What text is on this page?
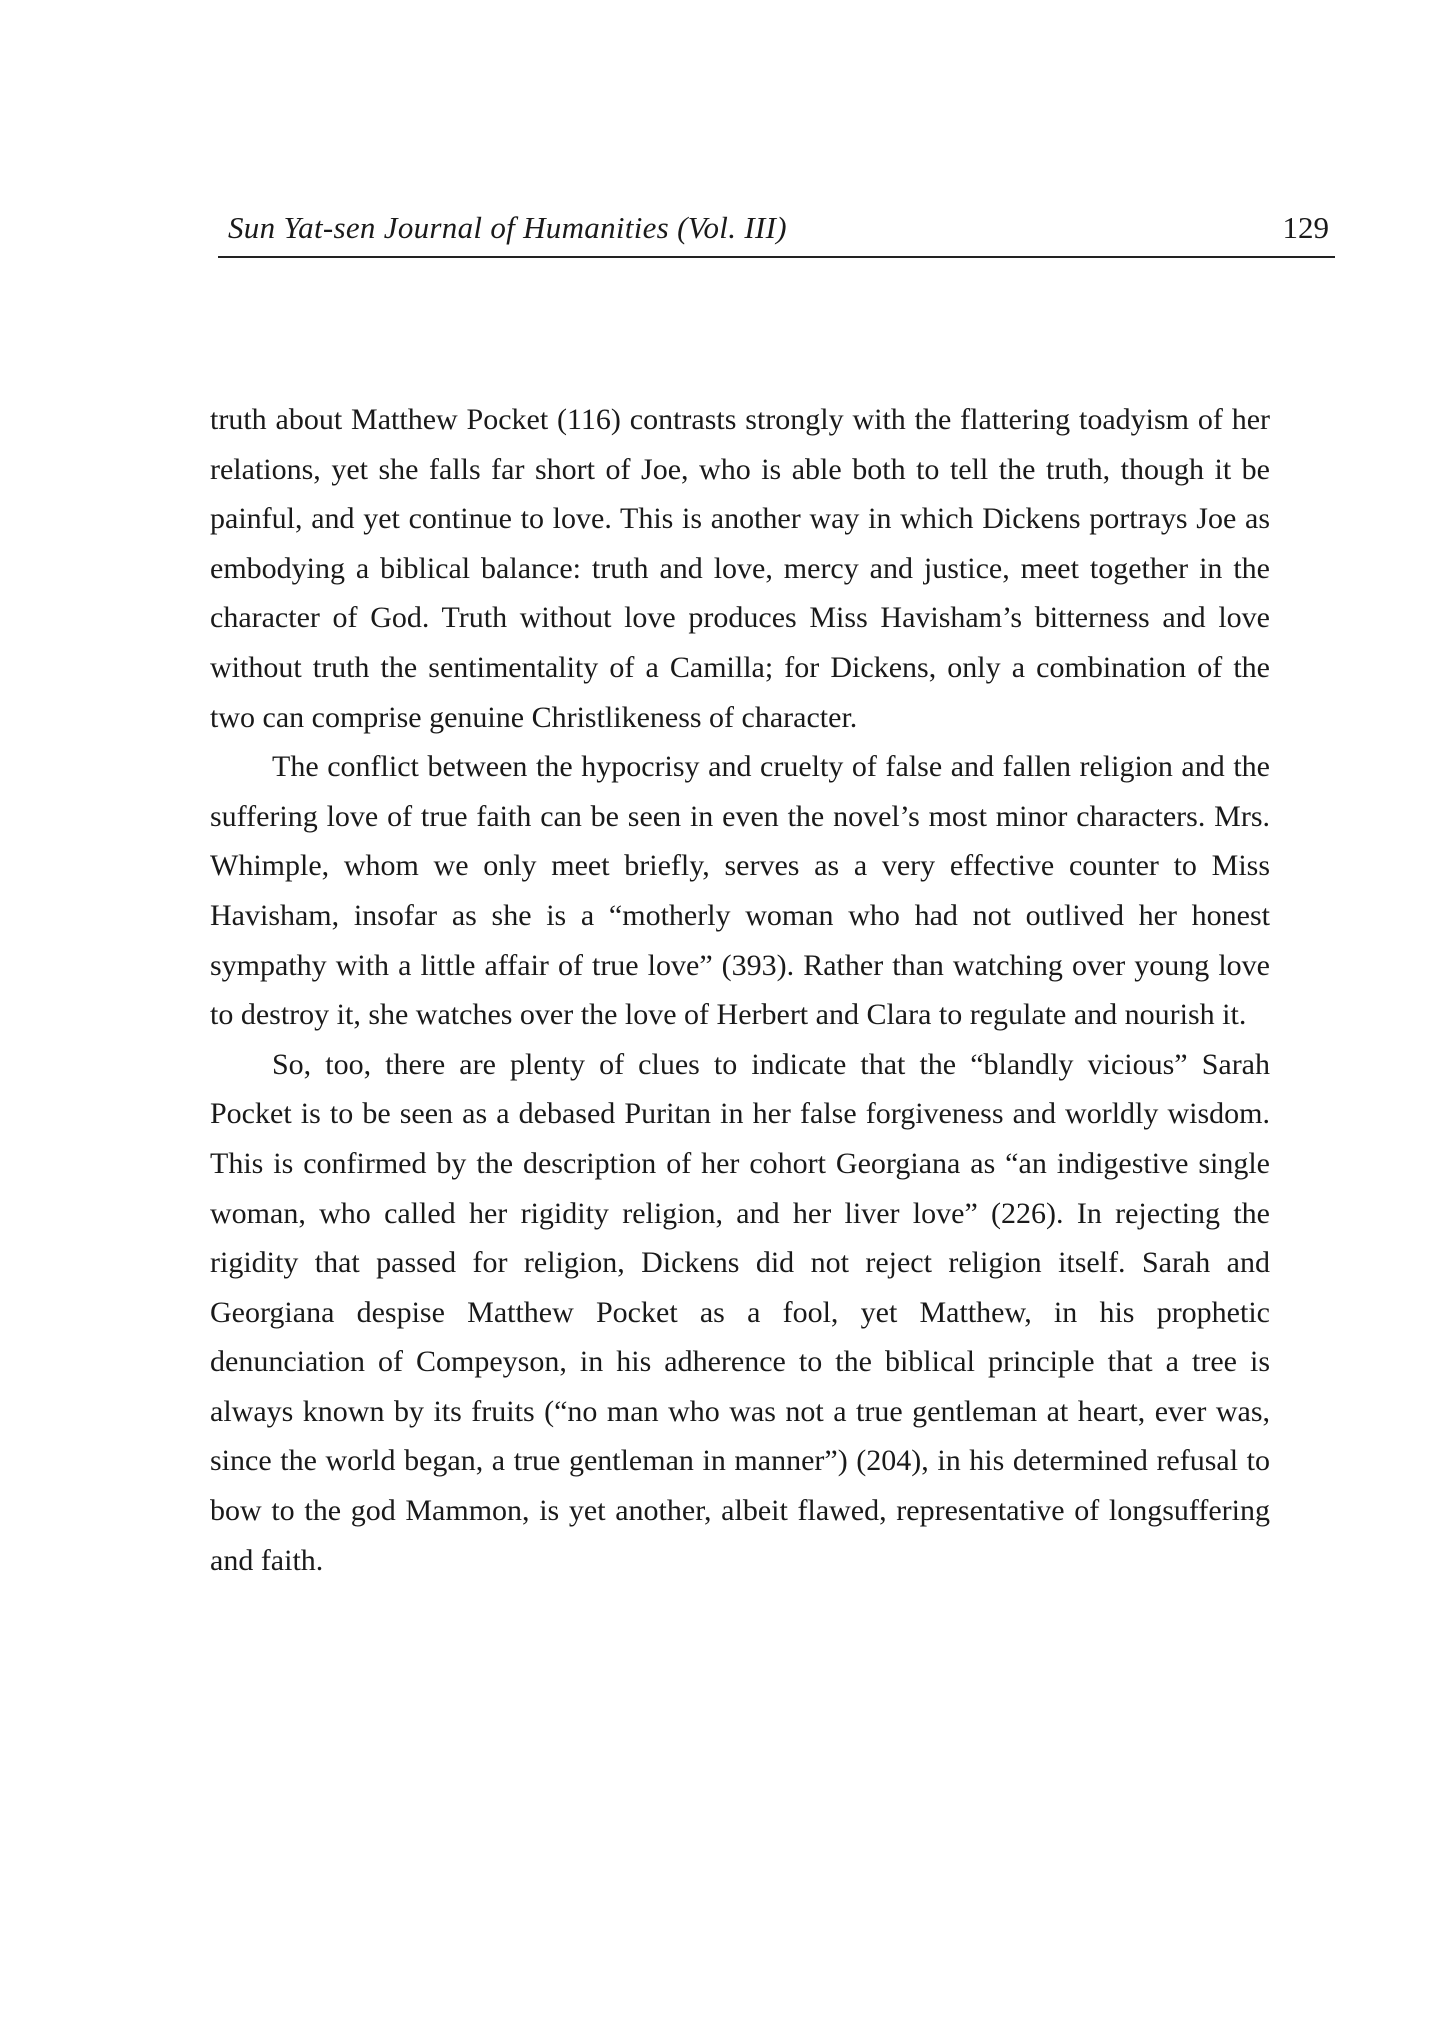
Sun Yat-sen Journal of Humanities (Vol. III)	129

truth about Matthew Pocket (116) contrasts strongly with the flattering toadyism of her relations, yet she falls far short of Joe, who is able both to tell the truth, though it be painful, and yet continue to love. This is another way in which Dickens portrays Joe as embodying a biblical balance: truth and love, mercy and justice, meet together in the character of God. Truth without love produces Miss Havisham’s bitterness and love without truth the sentimentality of a Camilla; for Dickens, only a combination of the two can comprise genuine Christlikeness of character.

The conflict between the hypocrisy and cruelty of false and fallen religion and the suffering love of true faith can be seen in even the novel’s most minor characters. Mrs. Whimple, whom we only meet briefly, serves as a very effective counter to Miss Havisham, insofar as she is a “motherly woman who had not outlived her honest sympathy with a little affair of true love” (393). Rather than watching over young love to destroy it, she watches over the love of Herbert and Clara to regulate and nourish it.

So, too, there are plenty of clues to indicate that the “blandly vicious” Sarah Pocket is to be seen as a debased Puritan in her false forgiveness and worldly wisdom. This is confirmed by the description of her cohort Georgiana as “an indigestive single woman, who called her rigidity religion, and her liver love” (226). In rejecting the rigidity that passed for religion, Dickens did not reject religion itself. Sarah and Georgiana despise Matthew Pocket as a fool, yet Matthew, in his prophetic denunciation of Compeyson, in his adherence to the biblical principle that a tree is always known by its fruits (“no man who was not a true gentleman at heart, ever was, since the world began, a true gentleman in manner”) (204), in his determined refusal to bow to the god Mammon, is yet another, albeit flawed, representative of longsuffering and faith.
